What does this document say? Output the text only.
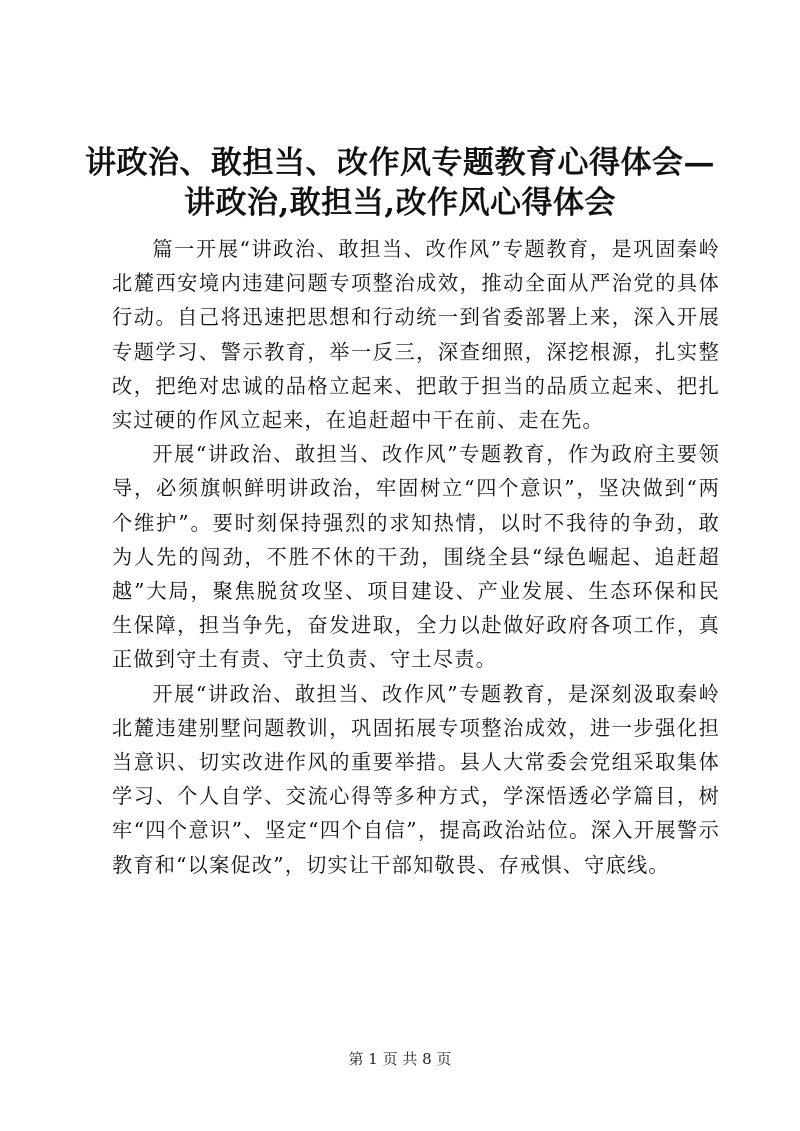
讲政治、敢担当、改作风专题教育心得体会—
讲政治,敢担当,改作风心得体会

篇一开展“讲政治、敢担当、改作风”专题教育，是巩固秦岭北麓西安境内违建问题专项整治成效，推动全面从严治党的具体行动。自己将迅速把思想和行动统一到省委部署上来，深入开展专题学习、警示教育，举一反三，深查细照，深挖根源，扎实整改，把绝对忠诚的品格立起来、把敢于担当的品质立起来、把扎实过硬的作风立起来，在追赶超中干在前、走在先。

开展“讲政治、敢担当、改作风”专题教育，作为政府主要领导，必须旗帜鲜明讲政治，牢固树立“四个意识”，坚决做到“两个维护”。要时刻保持强烈的求知热情，以时不我待的争劲，敢为人先的闯劲，不胜不休的干劲，围绕全县“绿色崛起、追赶超越”大局，聚焦脱贫攻坚、项目建设、产业发展、生态环保和民生保障，担当争先，奋发进取，全力以赴做好政府各项工作，真正做到守土有责、守土负责、守土尽责。

开展“讲政治、敢担当、改作风”专题教育，是深刻汲取秦岭北麓违建别墅问题教训，巩固拓展专项整治成效，进一步强化担当意识、切实改进作风的重要举措。县人大常委会党组采取集体学习、个人自学、交流心得等多种方式，学深悟透必学篇目，树牢“四个意识”、坚定“四个自信”，提高政治站位。深入开展警示教育和“以案促改”，切实让干部知敬畏、存戒惧、守底线。

第 1 页 共 8 页
